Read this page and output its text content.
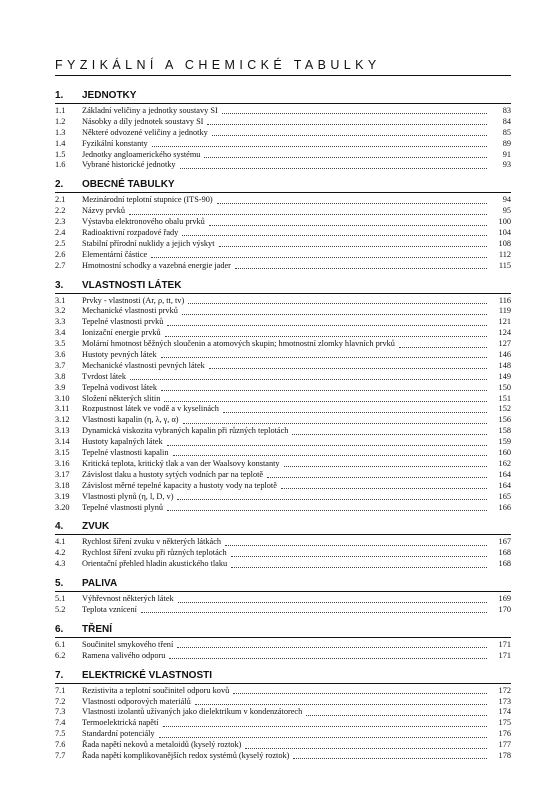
FYZIKÁLNÍ A CHEMICKÉ TABULKY
1.	JEDNOTKY
1.1	Základní veličiny a jednotky soustavy SI	83
1.2	Násobky a díly jednotek soustavy SI	84
1.3	Některé odvozené veličiny a jednotky	85
1.4	Fyzikální konstanty	89
1.5	Jednotky angloamerického systému	91
1.6	Vybrané historické jednotky	93
2.	OBECNÉ TABULKY
2.1	Mezinárodní teplotní stupnice (ITS-90)	94
2.2	Názvy prvků	95
2.3	Výstavba elektronového obalu prvků	100
2.4	Radioaktivní rozpadové řady	104
2.5	Stabilní přírodní nuklidy a jejich výskyt	108
2.6	Elementární částice	112
2.7	Hmotnostní schodky a vazebná energie jader	115
3.	VLASTNOSTI LÁTEK
3.1	Prvky - vlastnosti (Ar, ρ, tt, tv)	116
3.2	Mechanické vlastnosti prvků	119
3.3	Tepelné vlastnosti prvků	121
3.4	Ionizační energie prvků	124
3.5	Molární hmotnost běžných sloučenin a atomových skupin; hmotnostní zlomky hlavních prvků	127
3.6	Hustoty pevných látek	146
3.7	Mechanické vlastnosti pevných látek	148
3.8	Tvrdost látek	149
3.9	Tepelná vodivost látek	150
3.10	Složení některých slitin	151
3.11	Rozpustnost látek ve vodě a v kyselinách	152
3.12	Vlastnosti kapalin (η, λ, γ, α)	156
3.13	Dynamická viskozita vybraných kapalin při různých teplotách	158
3.14	Hustoty kapalných látek	159
3.15	Tepelné vlastnosti kapalin	160
3.16	Kritická teplota, kritický tlak a van der Waalsovy konstanty	162
3.17	Závislost tlaku a hustoty sytých vodních par na teplotě	164
3.18	Závislost měrné tepelné kapacity a hustoty vody na teplotě	164
3.19	Vlastnosti plynů (η, l, D, v)	165
3.20	Tepelné vlastnosti plynů	166
4.	ZVUK
4.1	Rychlost šíření zvuku v některých látkách	167
4.2	Rychlost šíření zvuku při různých teplotách	168
4.3	Orientační přehled hladin akustického tlaku	168
5.	PALIVA
5.1	Výhřevnost některých látek	169
5.2	Teplota vznícení	170
6.	TŘENÍ
6.1	Součinitel smykového tření	171
6.2	Ramena valivého odporu	171
7.	ELEKTRICKÉ VLASTNOSTI
7.1	Rezistivita a teplotní součinitel odporu kovů	172
7.2	Vlastnosti odporových materiálů	173
7.3	Vlastnosti izolantů užívaných jako dielektrikum v kondenzátorech	174
7.4	Termoelektrická napětí	175
7.5	Standardní potenciály	176
7.6	Řada napětí nekovů a metaloidů (kyselý roztok)	177
7.7	Řada napětí komplikovanějších redox systémů (kyselý roztok)	178
